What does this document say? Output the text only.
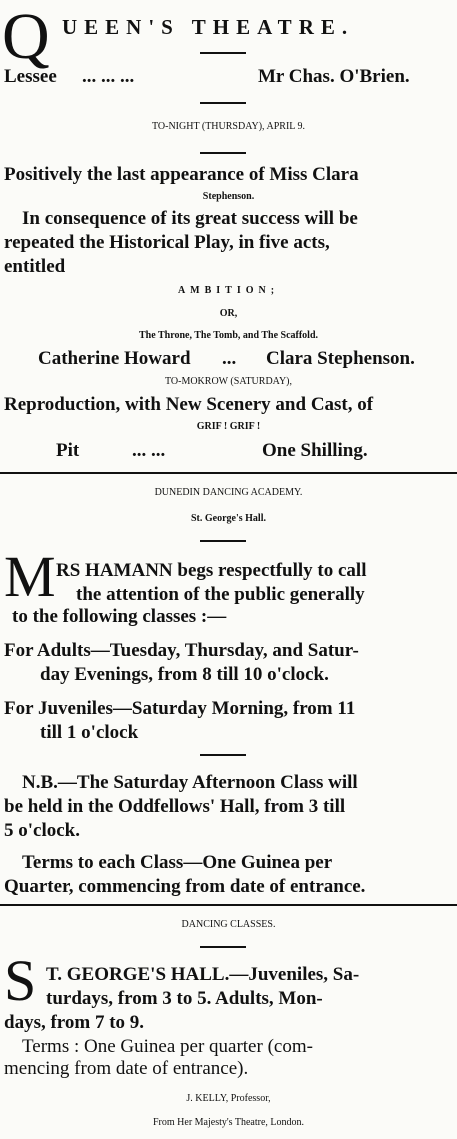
Q UEEN'S THEATRE.
Lessee ... ... ...	Mr Chas. O'Brien.
TO-NIGHT (THURSDAY), APRIL 9.
Positively the last appearance of Miss Clara
Stephenson.
In consequence of its great success will be
repeated the Historical Play, in five acts,
entitled
AMBITION;
OR,
The Throne, The Tomb, and The Scaffold.
Catherine Howard ... Clara Stephenson.
TO-MOKROW (SATURDAY),
Reproduction, with New Scenery and Cast, of
GRIF ! GRIF !
Pit	... ...	One Shilling.
DUNEDIN DANCING ACADEMY.
St. George's Hall.
M RS HAMANN begs respectfully to call
the attention of the public generally
to the following classes :—
For Adults—Tuesday, Thursday, and Satur-
day Evenings, from 8 till 10 o'clock.
For Juveniles—Saturday Morning, from 11
till 1 o'clock
N.B.—The Saturday Afternoon Class will
be held in the Oddfellows' Hall, from 3 till
5 o'clock.
Terms to each Class—One Guinea per
Quarter, commencing from date of entrance.
DANCING CLASSES.
S T. GEORGE'S HALL.—Juveniles, Sa-
turdays, from 3 to 5. Adults, Mon-
days, from 7 to 9.
Terms : One Guinea per quarter (com-
mencing from date of entrance).
J. KELLY, Professor,
From Her Majesty's Theatre, London.
